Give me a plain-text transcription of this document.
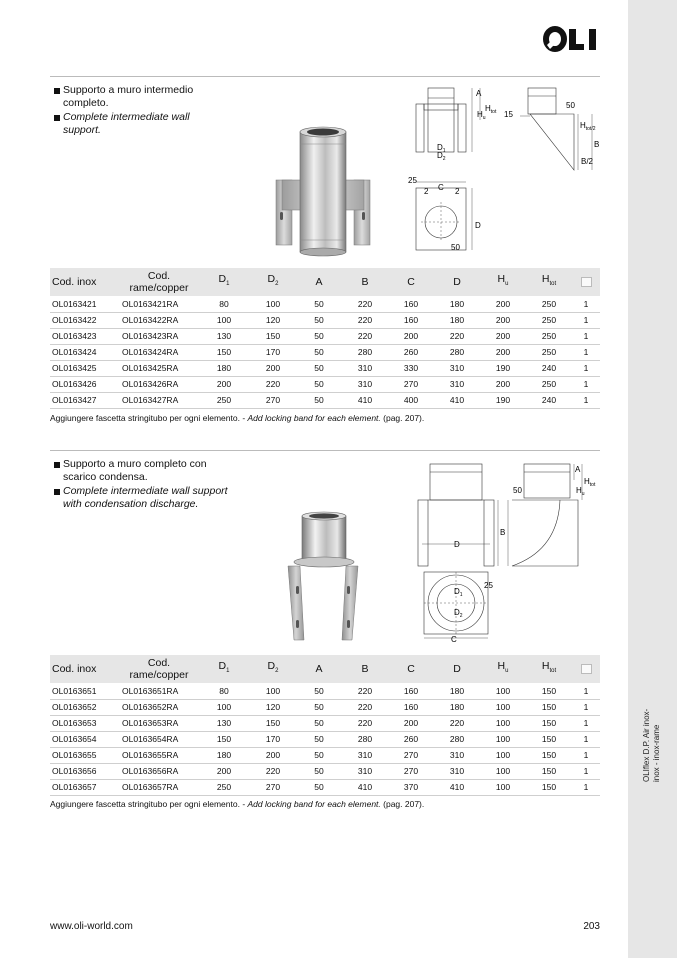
OLIflex D.P. Air inox- inox - inox-rame
OLI
Supporto a muro intermedio completo.
Complete intermediate wall support.
A
$H_u$
$H_{tot}$
$D_1$
$D_2$
25
2 C 2
D
50
50
15
$H_{tot/2}$
B
B/2
Cod. inox	Cod.
rame/copper	$D_1$	$D_2$	A	B	C	D	$H_u$	$H_{tot}$	
OL0163421	OL0163421RA	80	100	50	220	160	180	200	250	1
OL0163422	OL0163422RA	100	120	50	220	160	180	200	250	1
OL0163423	OL0163423RA	130	150	50	220	200	220	200	250	1
OL0163424	OL0163424RA	150	170	50	280	260	280	200	250	1
OL0163425	OL0163425RA	180	200	50	310	330	310	190	240	1
OL0163426	OL0163426RA	200	220	50	310	270	310	200	250	1
OL0163427	OL0163427RA	250	270	50	410	400	410	190	240	1
Aggiungere fascetta stringitubo per ogni elemento. - Add locking band for each element. (pag. 207).
Supporto a muro completo con scarico condensa.
Complete intermediate wall support with condensation discharge.
D
25
$D_1$
$D_2$
C
A
$H_u$
$H_{tot}$
50
B
Cod. inox	Cod.
rame/copper	$D_1$	$D_2$	A	B	C	D	$H_u$	$H_{tot}$	
OL0163651	OL0163651RA	80	100	50	220	160	180	100	150	1
OL0163652	OL0163652RA	100	120	50	220	160	180	100	150	1
OL0163653	OL0163653RA	130	150	50	220	200	220	100	150	1
OL0163654	OL0163654RA	150	170	50	280	260	280	100	150	1
OL0163655	OL0163655RA	180	200	50	310	270	310	100	150	1
OL0163656	OL0163656RA	200	220	50	310	270	310	100	150	1
OL0163657	OL0163657RA	250	270	50	410	370	410	100	150	1
Aggiungere fascetta stringitubo per ogni elemento. - Add locking band for each element. (pag. 207).
www.oli-world.com	203
